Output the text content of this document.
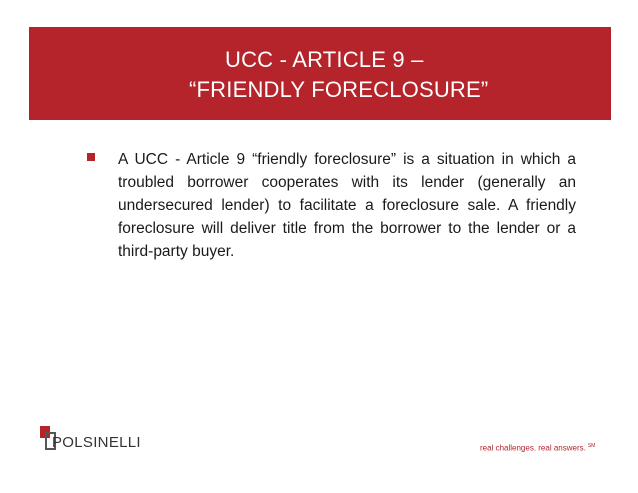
UCC - ARTICLE 9 –
“FRIENDLY FORECLOSURE”
A UCC - Article 9 “friendly foreclosure” is a situation in which a troubled borrower cooperates with its lender (generally an undersecured lender) to facilitate a foreclosure sale. A friendly foreclosure will deliver title from the borrower to the lender or a third-party buyer.
POLSINELLI	real challenges. real answers. ℠
